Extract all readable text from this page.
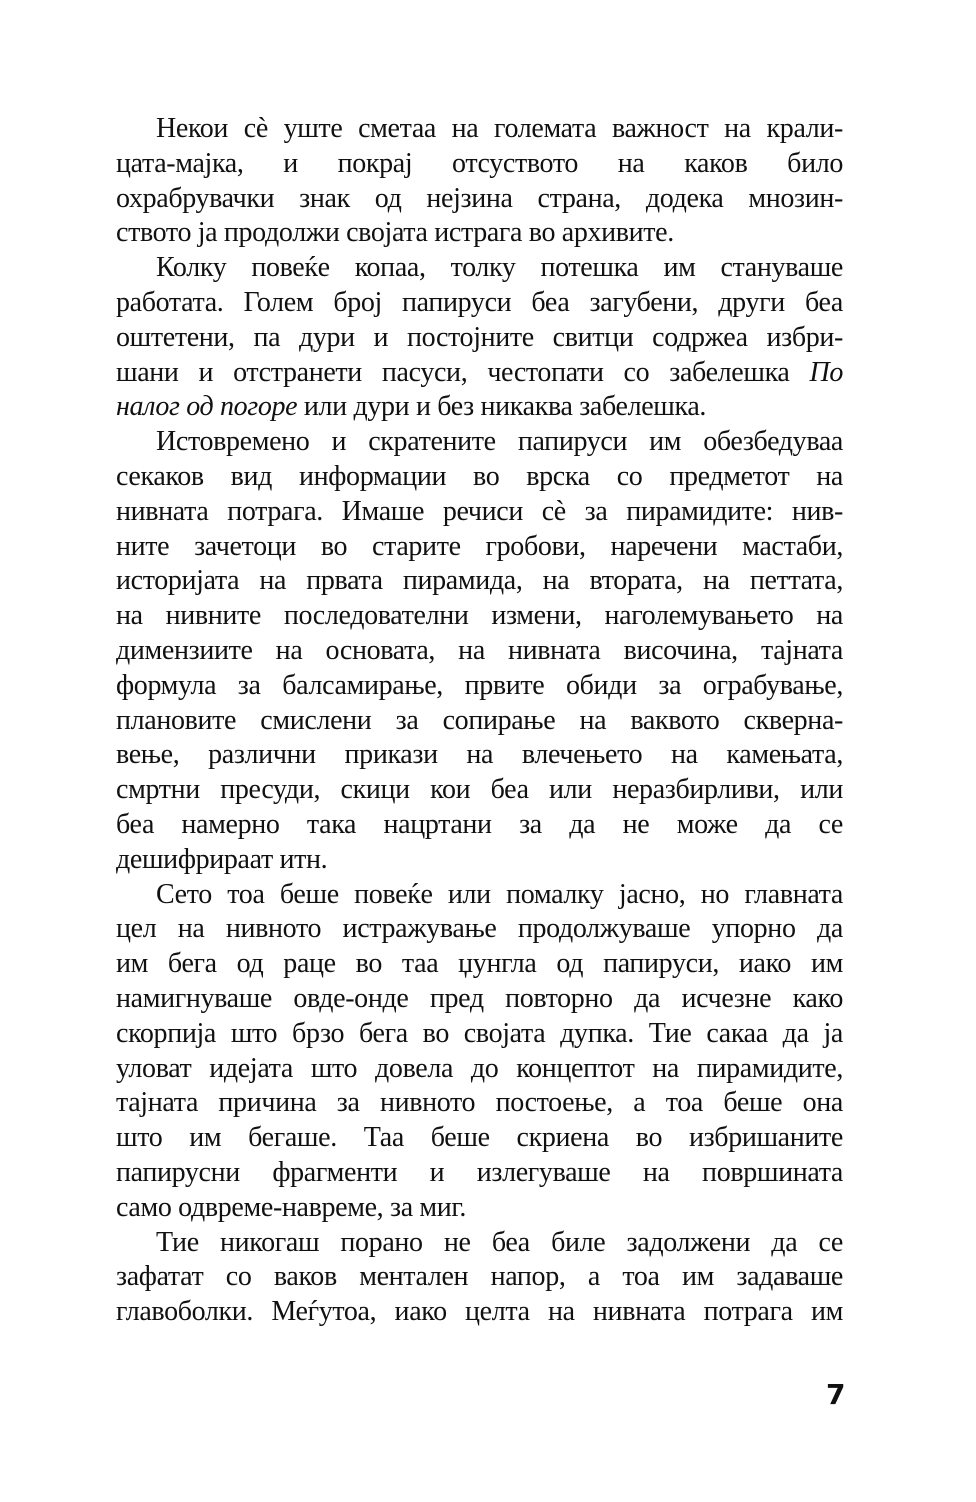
Некои сè уште сметаа на големата важност на крали-
цата-мајка, и покрај отсуството на каков било
охрабрувачки знак од нејзина страна, додека мнозин-
ството ја продолжи својата истрага во архивите.
Колку повеќе копаа, толку потешка им стануваше
работата. Голем број папируси беа загубени, други беа
оштетени, па дури и постојните свитци содржеа избри-
шани и отстранети пасуси, честопати со забелешка По
налог од погоре или дури и без никаква забелешка.
Истовремено и скратените папируси им обезбедуваа
секаков вид информации во врска со предметот на
нивната потрага. Имаше речиси сè за пирамидите: нив-
ните зачетоци во старите гробови, наречени мастаби,
историјата на првата пирамида, на втората, на петтата,
на нивните последователни измени, наголемувањето на
димензиите на основата, на нивната височина, тајната
формула за балсамирање, првите обиди за ограбување,
плановите смислени за сопирање на ваквото скверна-
вење, различни прикази на влечењето на камењата,
смртни пресуди, скици кои беа или неразбирливи, или
беа намерно така нацртани за да не може да се
дешифрираат итн.
Сето тоа беше повеќе или помалку јасно, но главната
цел на нивното истражување продолжуваше упорно да
им бега од раце во таа џунгла од папируси, иако им
намигнуваше овде-онде пред повторно да исчезне како
скорпија што брзо бега во својата дупка. Тие сакаа да ја
уловат идејата што довела до концептот на пирамидите,
тајната причина за нивното постоење, а тоа беше она
што им бегаше. Таа беше скриена во избришаните
папирусни фрагменти и излегуваше на површината
само одвреме-навреме, за миг.
Тие никогаш порано не беа биле задолжени да се
зафатат со ваков ментален напор, а тоа им задаваше
главоболки. Меѓутоа, иако целта на нивната потрага им
7
